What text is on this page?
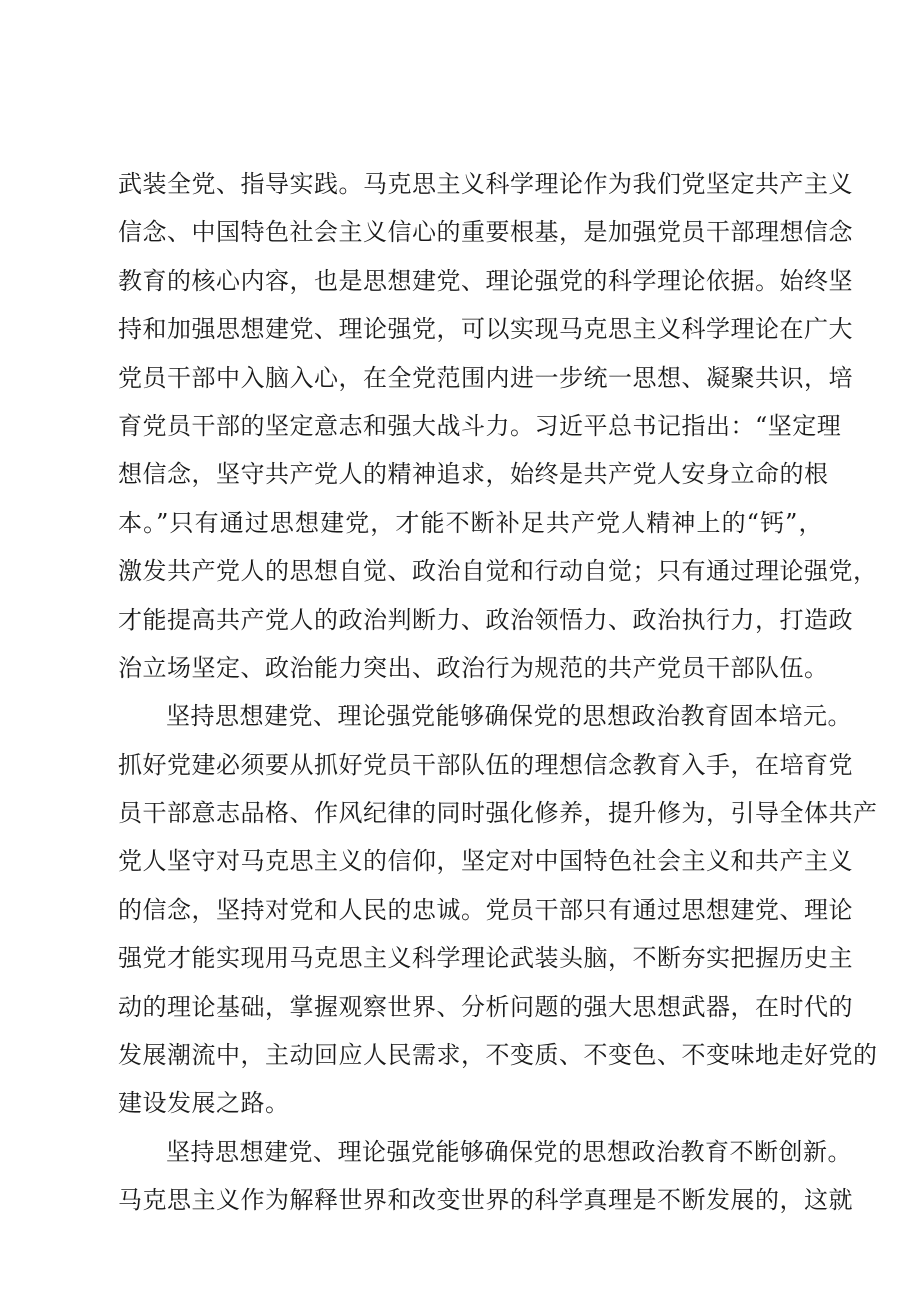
武装全党、指导实践。马克思主义科学理论作为我们党坚定共产主义
信念、中国特色社会主义信心的重要根基，是加强党员干部理想信念
教育的核心内容，也是思想建党、理论强党的科学理论依据。始终坚
持和加强思想建党、理论强党，可以实现马克思主义科学理论在广大
党员干部中入脑入心，在全党范围内进一步统一思想、凝聚共识，培
育党员干部的坚定意志和强大战斗力。习近平总书记指出：“坚定理
想信念，坚守共产党人的精神追求，始终是共产党人安身立命的根
本。”只有通过思想建党，才能不断补足共产党人精神上的“钙”，
激发共产党人的思想自觉、政治自觉和行动自觉；只有通过理论强党，
才能提高共产党人的政治判断力、政治领悟力、政治执行力，打造政
治立场坚定、政治能力突出、政治行为规范的共产党员干部队伍。
坚持思想建党、理论强党能够确保党的思想政治教育固本培元。
抓好党建必须要从抓好党员干部队伍的理想信念教育入手，在培育党
员干部意志品格、作风纪律的同时强化修养，提升修为，引导全体共产
党人坚守对马克思主义的信仰，坚定对中国特色社会主义和共产主义
的信念，坚持对党和人民的忠诚。党员干部只有通过思想建党、理论
强党才能实现用马克思主义科学理论武装头脑，不断夯实把握历史主
动的理论基础，掌握观察世界、分析问题的强大思想武器，在时代的
发展潮流中，主动回应人民需求，不变质、不变色、不变味地走好党的
建设发展之路。
坚持思想建党、理论强党能够确保党的思想政治教育不断创新。
马克思主义作为解释世界和改变世界的科学真理是不断发展的，这就
